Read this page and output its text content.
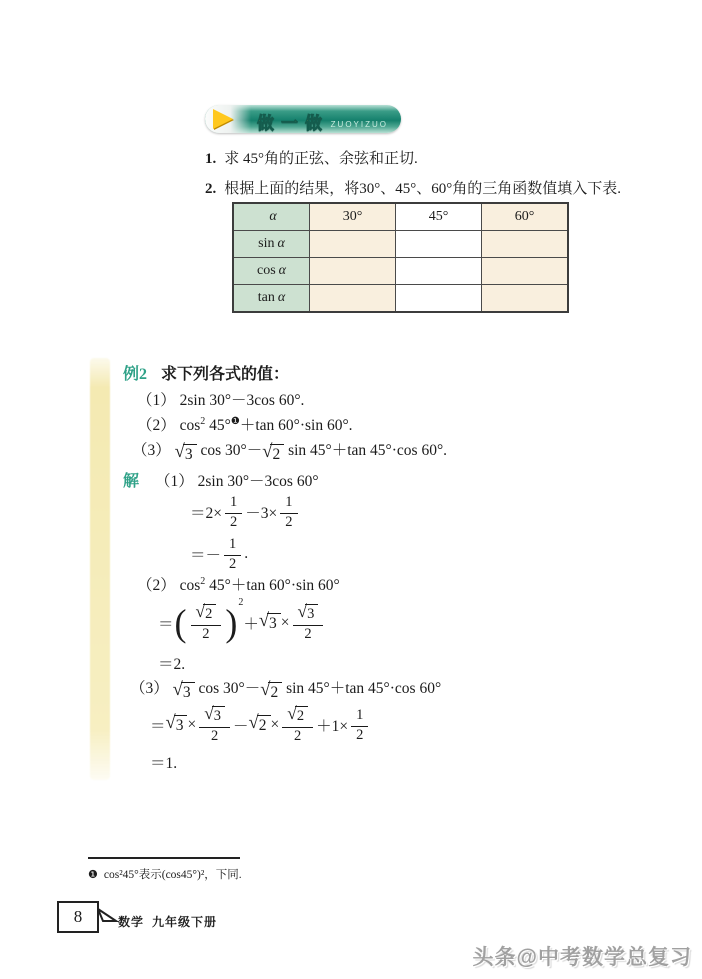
做一做 ZUOYIZUO
1. 求 45°角的正弦、余弦和正切.
2. 根据上面的结果，将30°、45°、60°角的三角函数值填入下表.
α	30°	45°	60°
sin α			
cos α			
tan α			
例2 求下列各式的值：
（1） 2sin 30°－3cos 60°.
（2） $\cos^2 45^\circ^❶+\tan$ 60°·sin 60°.
（3） √ 3 cos 30°－ √ 2 sin 45°＋tan 45°·cos 60°.
解 （1） 2sin 30°－3cos 60°
$=2\times \frac{1}{2} -3\times \frac{1}{2}$
＝－ $\frac{1}{2}$ .
（2） $\cos^2 45^\circ+\tan$ 60°·sin 60°
＝ ( $\frac{√ 2}{2} )^2$
＋ √ $3 \times \frac{√ 3}{2}$
＝2.
（3） √ 3 cos 30°－ √ 2 sin 45°＋tan 45°·cos 60°
＝ √ $3 \times \frac{√ 3}{2}$ － √ $2 \times \frac{√ 2}{2} +1\times \frac{1}{2}$
＝1.
❶ cos²45°表示(cos45°)²，下同.
8	数学  九年级下册
头条@中考数学总复习
